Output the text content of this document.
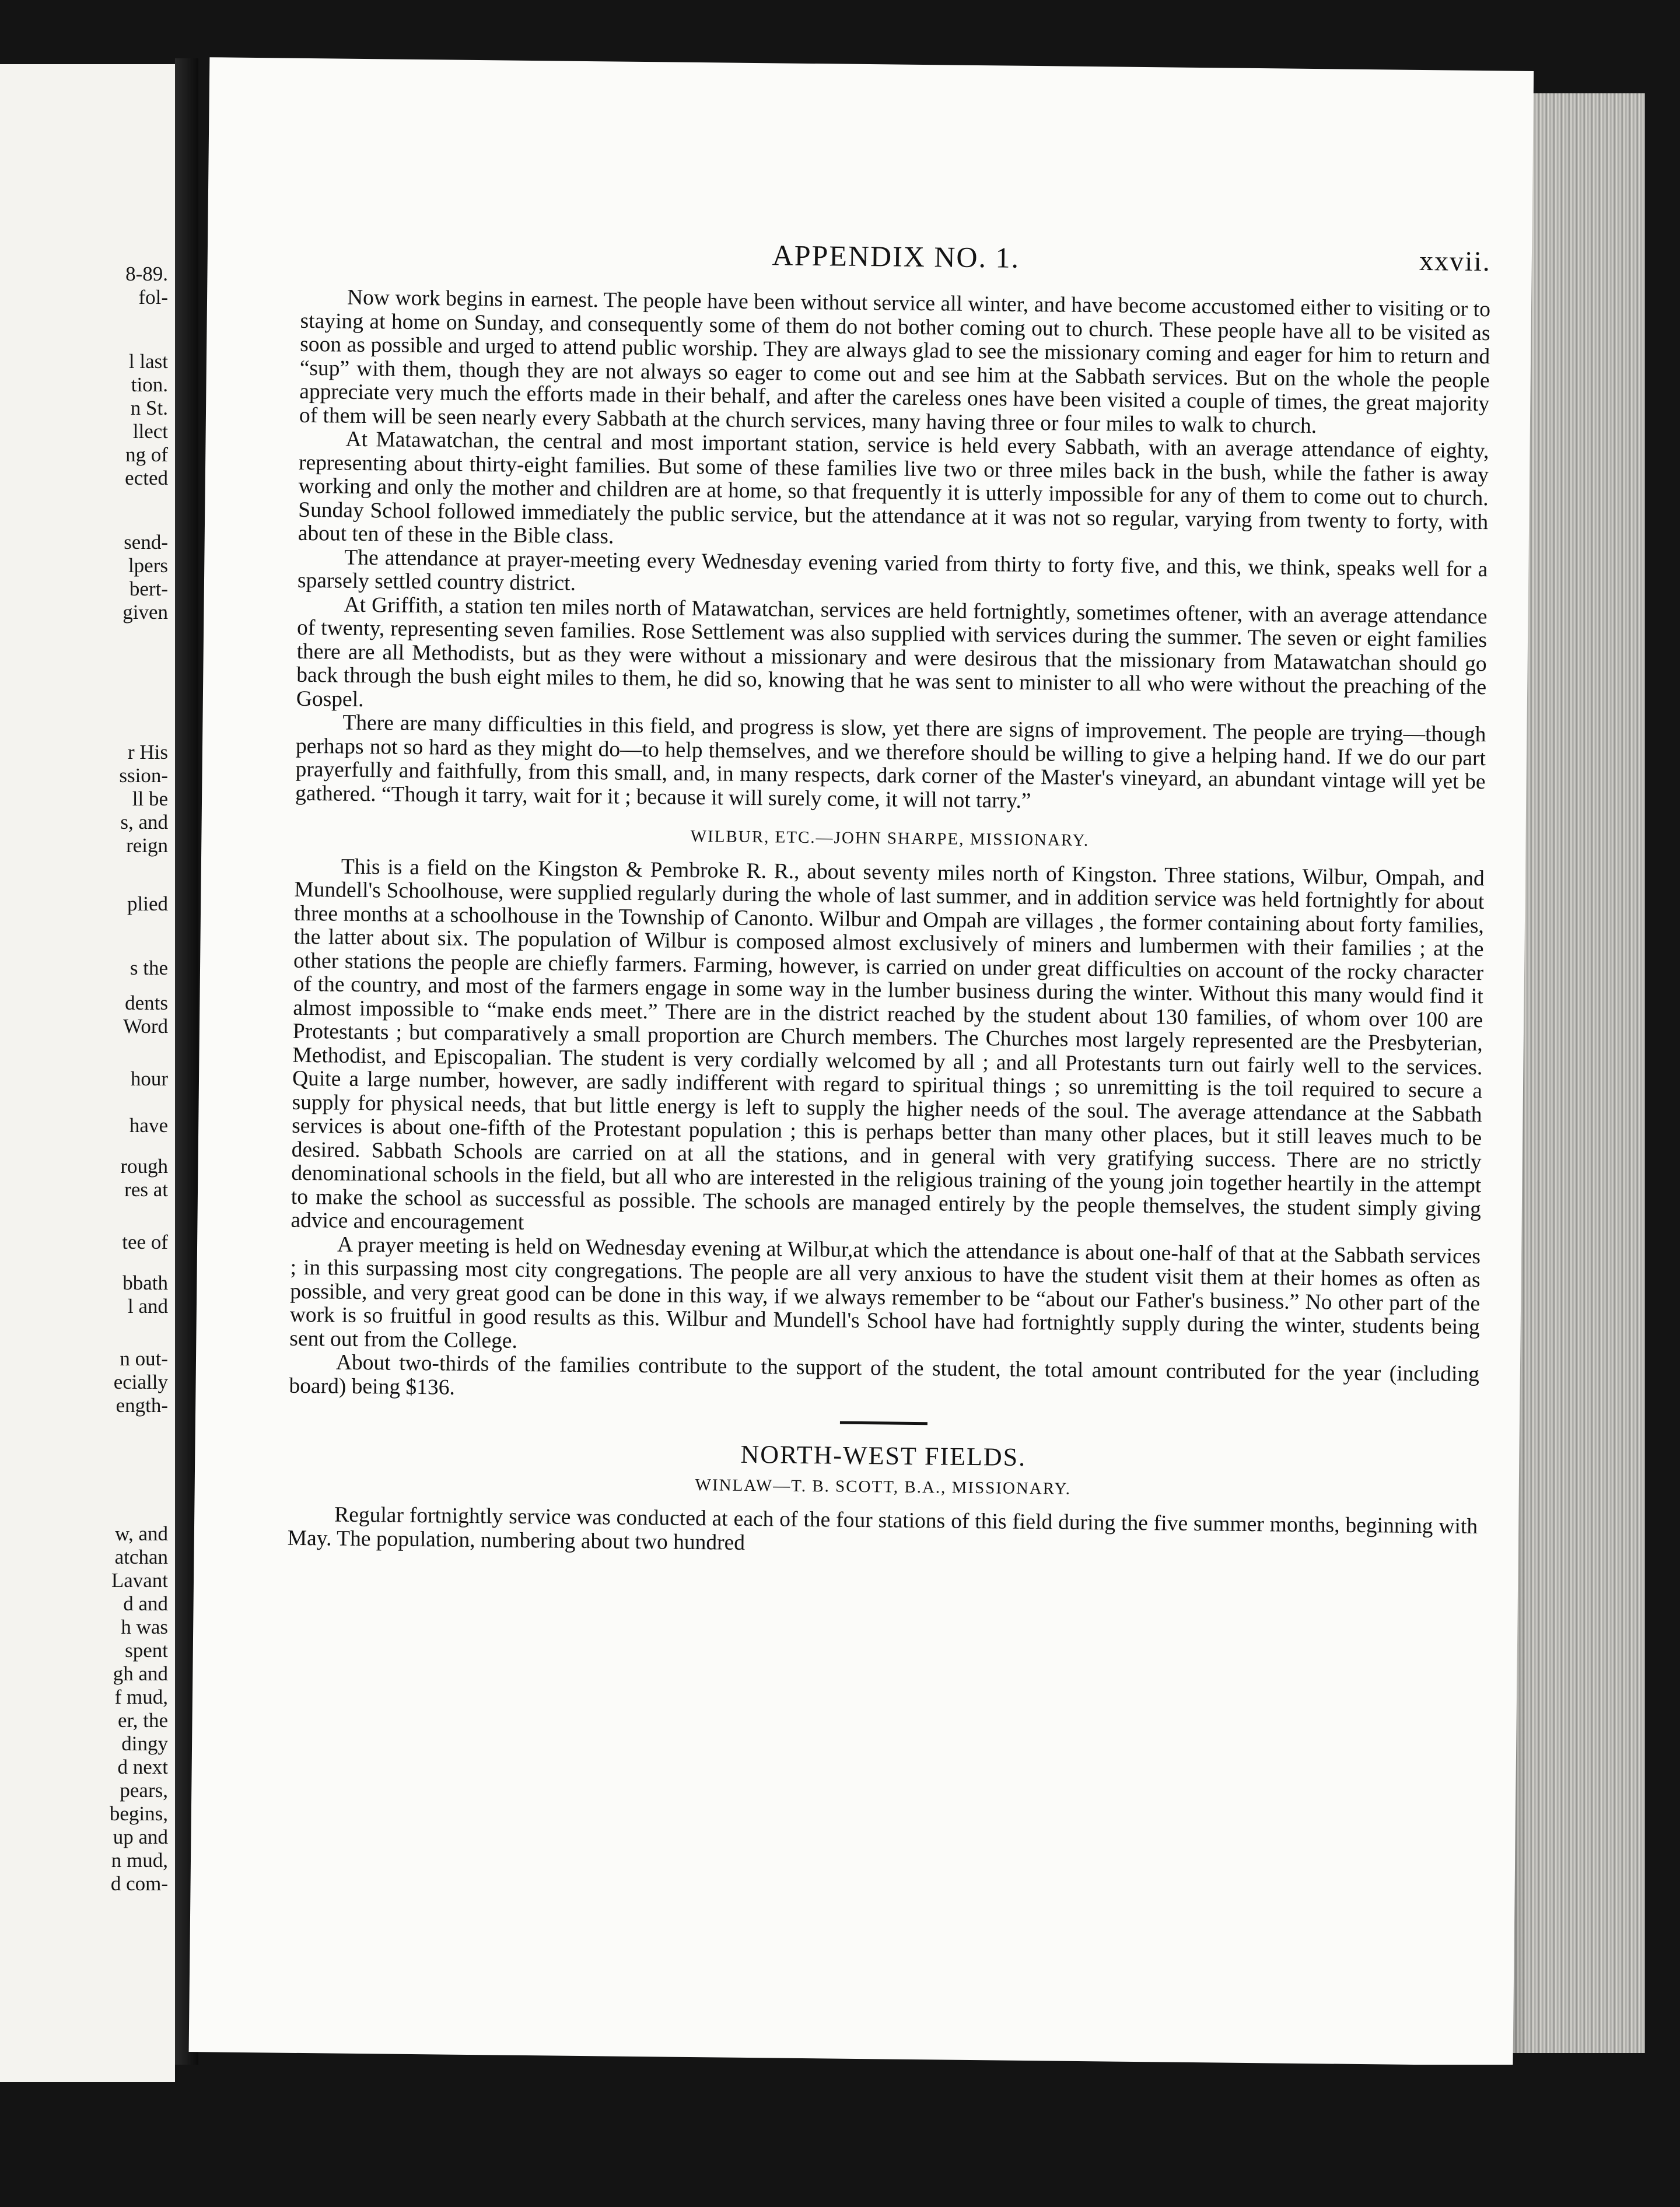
8-89.
fol-
l last
tion.
n St.
llect
ng of
ected
send-
lpers
bert-
given
r His
ssion-
ll be
s, and
reign
plied
s the
dents
Word
hour
have
rough
res at
tee of
bbath
l and
n out-
ecially
ength-
w, and
atchan
Lavant
d and
h was
spent
gh and
f mud,
er, the
dingy
d next
pears,
begins,
up and
n mud,
d com-
APPENDIX NO. 1.	xxvii.

Now work begins in earnest. The people have been without service all winter, and have become accustomed either to visiting or to staying at home on Sunday, and consequently some of them do not bother coming out to church. These people have all to be visited as soon as possible and urged to attend public worship. They are always glad to see the missionary coming and eager for him to return and “sup” with them, though they are not always so eager to come out and see him at the Sabbath services. But on the whole the people appreciate very much the efforts made in their behalf, and after the careless ones have been visited a couple of times, the great majority of them will be seen nearly every Sabbath at the church services, many having three or four miles to walk to church.

At Matawatchan, the central and most important station, service is held every Sabbath, with an average attendance of eighty, representing about thirty-eight families. But some of these families live two or three miles back in the bush, while the father is away working and only the mother and children are at home, so that frequently it is utterly impossible for any of them to come out to church. Sunday School followed immediately the public service, but the attendance at it was not so regular, varying from twenty to forty, with about ten of these in the Bible class.

The attendance at prayer-meeting every Wednesday evening varied from thirty to forty five, and this, we think, speaks well for a sparsely settled country district.

At Griffith, a station ten miles north of Matawatchan, services are held fortnightly, sometimes oftener, with an average attendance of twenty, representing seven families. Rose Settlement was also supplied with services during the summer. The seven or eight families there are all Methodists, but as they were without a missionary and were desirous that the missionary from Matawatchan should go back through the bush eight miles to them, he did so, knowing that he was sent to minister to all who were without the preaching of the Gospel.

There are many difficulties in this field, and progress is slow, yet there are signs of improvement. The people are trying—though perhaps not so hard as they might do—to help themselves, and we therefore should be willing to give a helping hand. If we do our part prayerfully and faithfully, from this small, and, in many respects, dark corner of the Master's vineyard, an abundant vintage will yet be gathered. “Though it tarry, wait for it ; because it will surely come, it will not tarry.”

WILBUR, ETC.—JOHN SHARPE, MISSIONARY.

This is a field on the Kingston & Pembroke R. R., about seventy miles north of Kingston. Three stations, Wilbur, Ompah, and Mundell's Schoolhouse, were supplied regularly during the whole of last summer, and in addition service was held fortnightly for about three months at a schoolhouse in the Township of Canonto. Wilbur and Ompah are villages , the former containing about forty families, the latter about six. The population of Wilbur is composed almost exclusively of miners and lumbermen with their families ; at the other stations the people are chiefly farmers. Farming, however, is carried on under great difficulties on account of the rocky character of the country, and most of the farmers engage in some way in the lumber business during the winter. Without this many would find it almost impossible to “make ends meet.” There are in the district reached by the student about 130 families, of whom over 100 are Protestants ; but comparatively a small proportion are Church members. The Churches most largely represented are the Presbyterian, Methodist, and Episcopalian. The student is very cordially welcomed by all ; and all Protestants turn out fairly well to the services. Quite a large number, however, are sadly indifferent with regard to spiritual things ; so unremitting is the toil required to secure a supply for physical needs, that but little energy is left to supply the higher needs of the soul. The average attendance at the Sabbath services is about one-fifth of the Protestant population ; this is perhaps better than many other places, but it still leaves much to be desired. Sabbath Schools are carried on at all the stations, and in general with very gratifying success. There are no strictly denominational schools in the field, but all who are interested in the religious training of the young join together heartily in the attempt to make the school as successful as possible. The schools are managed entirely by the people themselves, the student simply giving advice and encouragement

A prayer meeting is held on Wednesday evening at Wilbur,at which the attendance is about one-half of that at the Sabbath services ; in this surpassing most city congregations. The people are all very anxious to have the student visit them at their homes as often as possible, and very great good can be done in this way, if we always remember to be “about our Father's business.” No other part of the work is so fruitful in good results as this. Wilbur and Mundell's School have had fortnightly supply during the winter, students being sent out from the College.

About two-thirds of the families contribute to the support of the student, the total amount contributed for the year (including board) being $136.

NORTH-WEST FIELDS.
WINLAW—T. B. SCOTT, B.A., MISSIONARY.

Regular fortnightly service was conducted at each of the four stations of this field during the five summer months, beginning with May. The population, numbering about two hundred
